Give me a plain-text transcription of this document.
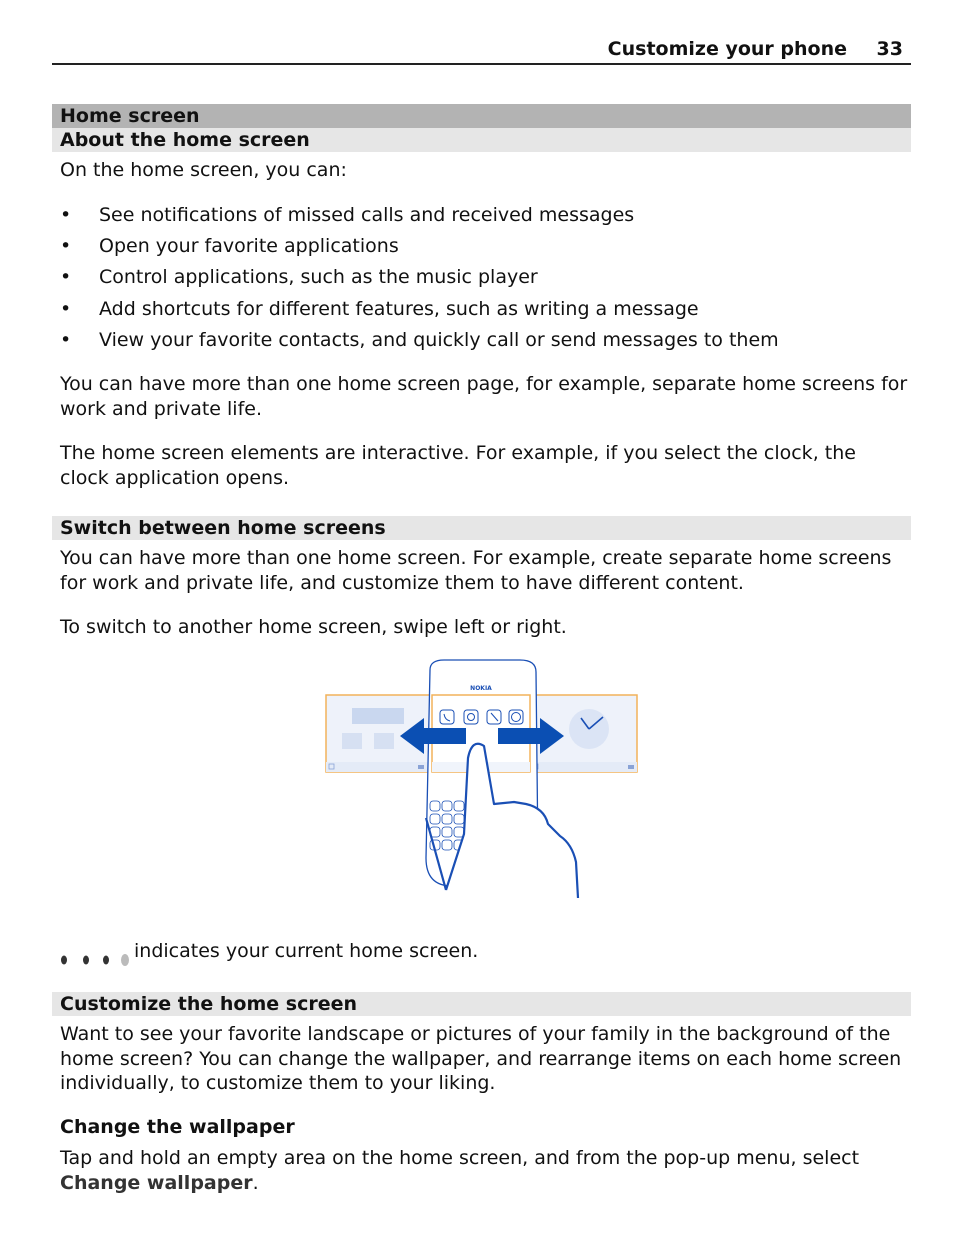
Customize your phone 33
Home screen
About the home screen

On the home screen, you can:

• See notifications of missed calls and received messages
• Open your favorite applications
• Control applications, such as the music player
• Add shortcuts for different features, such as writing a message
• View your favorite contacts, and quickly call or send messages to them

You can have more than one home screen page, for example, separate home screens for work and private life.

The home screen elements are interactive. For example, if you select the clock, the clock application opens.

Switch between home screens

You can have more than one home screen. For example, create separate home screens for work and private life, and customize them to have different content.

To switch to another home screen, swipe left or right.

NOKIA
indicates your current home screen.
Customize the home screen

Want to see your favorite landscape or pictures of your family in the background of the home screen? You can change the wallpaper, and rearrange items on each home screen individually, to customize them to your liking.

Change the wallpaper

Tap and hold an empty area on the home screen, and from the pop-up menu, select Change wallpaper.
